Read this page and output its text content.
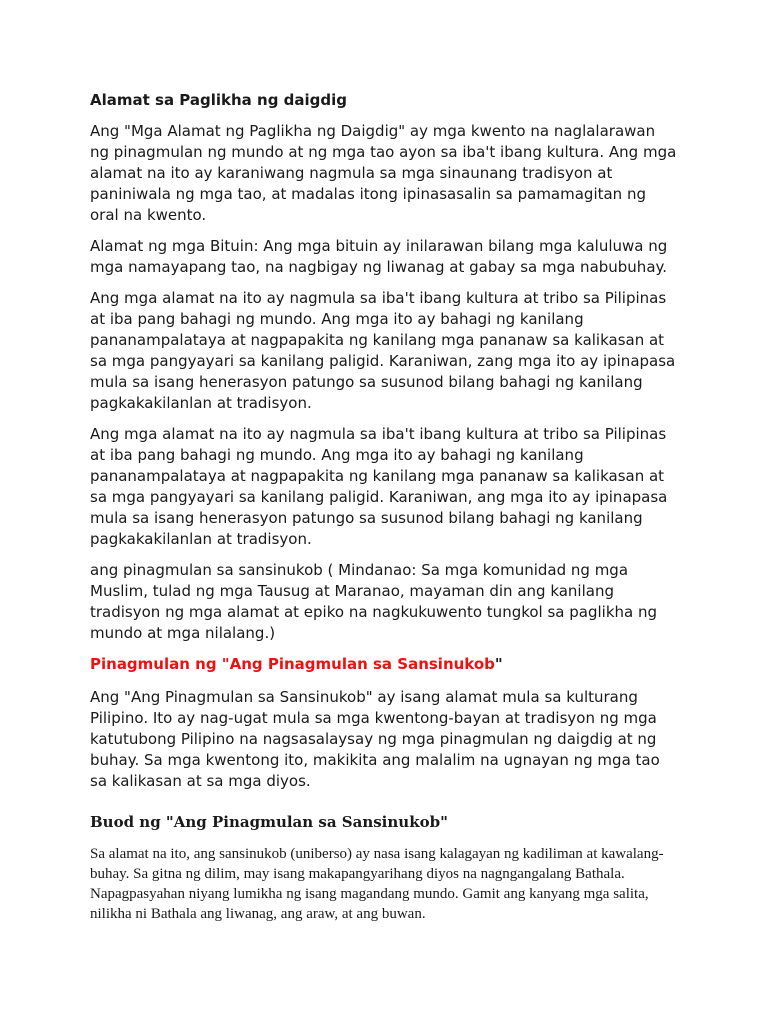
Alamat sa Paglikha ng daigdig

Ang "Mga Alamat ng Paglikha ng Daigdig" ay mga kwento na naglalarawan ng pinagmulan ng mundo at ng mga tao ayon sa iba't ibang kultura. Ang mga alamat na ito ay karaniwang nagmula sa mga sinaunang tradisyon at paniniwala ng mga tao, at madalas itong ipinasasalin sa pamamagitan ng oral na kwento.

Alamat ng mga Bituin: Ang mga bituin ay inilarawan bilang mga kaluluwa ng mga namayapang tao, na nagbigay ng liwanag at gabay sa mga nabubuhay.

Ang mga alamat na ito ay nagmula sa iba't ibang kultura at tribo sa Pilipinas at iba pang bahagi ng mundo. Ang mga ito ay bahagi ng kanilang pananampalataya at nagpapakita ng kanilang mga pananaw sa kalikasan at sa mga pangyayari sa kanilang paligid. Karaniwan, zang mga ito ay ipinapasa mula sa isang henerasyon patungo sa susunod bilang bahagi ng kanilang pagkakakilanlan at tradisyon.

Ang mga alamat na ito ay nagmula sa iba't ibang kultura at tribo sa Pilipinas at iba pang bahagi ng mundo. Ang mga ito ay bahagi ng kanilang pananampalataya at nagpapakita ng kanilang mga pananaw sa kalikasan at sa mga pangyayari sa kanilang paligid. Karaniwan, ang mga ito ay ipinapasa mula sa isang henerasyon patungo sa susunod bilang bahagi ng kanilang pagkakakilanlan at tradisyon.

ang pinagmulan sa sansinukob ( Mindanao: Sa mga komunidad ng mga Muslim, tulad ng mga Tausug at Maranao, mayaman din ang kanilang tradisyon ng mga alamat at epiko na nagkukuwento tungkol sa paglikha ng mundo at mga nilalang.)

Pinagmulan ng "Ang Pinagmulan sa Sansinukob"

Ang "Ang Pinagmulan sa Sansinukob" ay isang alamat mula sa kulturang Pilipino. Ito ay nag-ugat mula sa mga kwentong-bayan at tradisyon ng mga katutubong Pilipino na nagsasalaysay ng mga pinagmulan ng daigdig at ng buhay. Sa mga kwentong ito, makikita ang malalim na ugnayan ng mga tao sa kalikasan at sa mga diyos.

Buod ng "Ang Pinagmulan sa Sansinukob"

Sa alamat na ito, ang sansinukob (uniberso) ay nasa isang kalagayan ng kadiliman at kawalang-buhay. Sa gitna ng dilim, may isang makapangyarihang diyos na nagngangalang Bathala. Napagpasyahan niyang lumikha ng isang magandang mundo. Gamit ang kanyang mga salita, nilikha ni Bathala ang liwanag, ang araw, at ang buwan.
